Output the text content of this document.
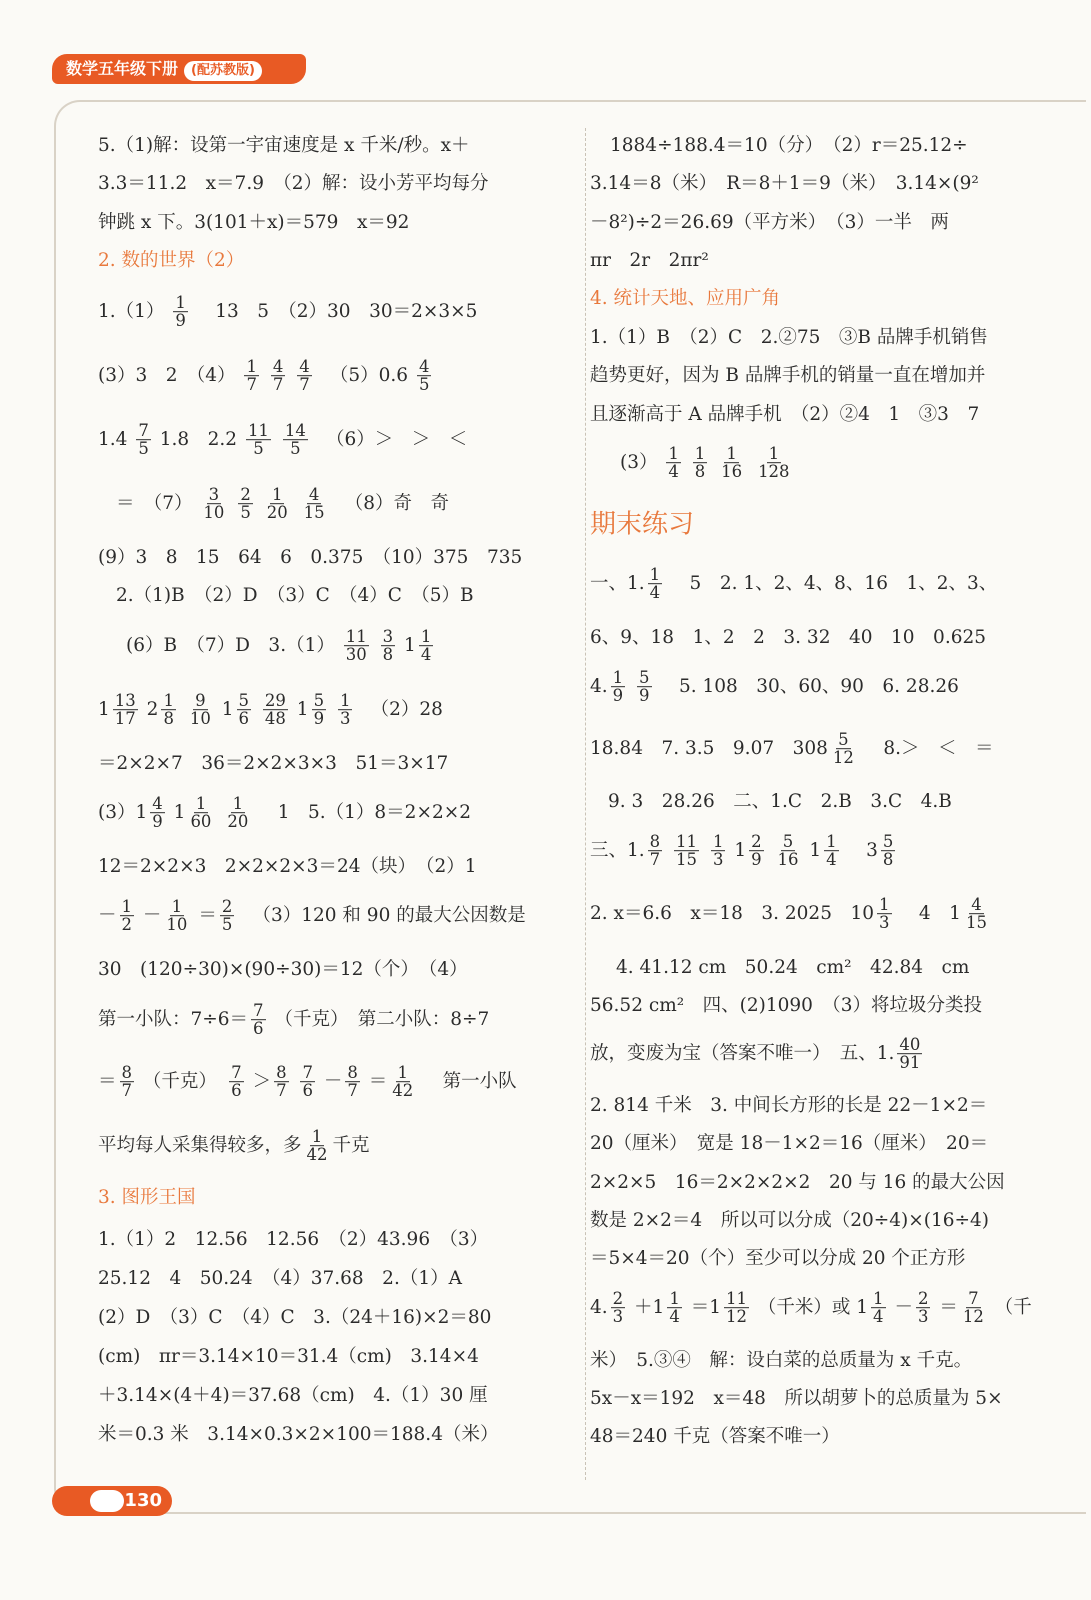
数学五年级下册 (配苏教版)
5.（1)解：设第一宇宙速度是 x 千米/秒。x＋
3.3＝11.2　x＝7.9　（2）解：设小芳平均每分
钟跳 x 下。3(101＋x)＝579　x＝92
2. 数的世界（2）
$1.(1) \frac{1}{9}$ 　13　5　（2）30　30＝2×3×5
(3）3　2　$(4) \frac{1}{7}$
$\frac{4}{7}$
$\frac{4}{7}$ 　$(5)0.6 \frac{4}{5}$
$1.4 \frac{7}{5} 1.8$　$2.2 \frac{11}{5}$
$\frac{14}{5}$ 　（6）＞　＞　＜
＝　$(7) \frac{3}{10}$
$\frac{2}{5}$
$\frac{1}{20}$
$\frac{4}{15}$ 　（8）奇　奇
(9）3　8　15　64　6　0.375　（10）375　735
2.（1)B　（2）D　（3）C　（4）C　（5）B
(6）B　（7）D　$3.(1) \frac{11}{30}$
$\frac{3}{8} 1 \frac{1}{4}$
$1 \frac{13}{17} 2 \frac{1}{8}$
$\frac{9}{10} 1 \frac{5}{6}$
$\frac{29}{48} 1 \frac{5}{9}$
$\frac{1}{3}$ 　（2）28
＝2×2×7　36＝2×2×3×3　51＝3×17
$(3)1 \frac{4}{9} 1 \frac{1}{60}$
$\frac{1}{20}$ 　1　5.（1）8＝2×2×2
12＝2×2×3　2×2×2×3＝24（块）　（2）1
－ $\frac{1}{2} - \frac{1}{10} = \frac{2}{5}$ 　（3）120 和 90 的最大公因数是
30　(120÷30)×(90÷30)＝12（个）　（4）
第一小队：$7\div 6= \frac{7}{6}$ （千克）　第二小队：8÷7
＝ $\frac{8}{7}$ （千克）　 $\frac{7}{6} > \frac{8}{7}$
$\frac{7}{6} - \frac{8}{7} = \frac{1}{42}$ 　第一小队
平均每人采集得较多，多 $\frac{1}{42}$ 千克
3. 图形王国
1.（1）2　12.56　12.56　（2）43.96　（3）
25.12　4　50.24　（4）37.68　2.（1）A
(2）D　（3）C　（4）C　3.（24＋16)×2＝80
(cm)　πr＝3.14×10＝31.4（cm)　3.14×4
＋3.14×(4＋4)＝37.68（cm)　4.（1）30 厘
米＝0.3 米　3.14×0.3×2×100＝188.4（米）
1884÷188.4＝10（分）　（2）r＝25.12÷
3.14＝8（米）　R＝8＋1＝9（米）　3.14×(9²
－8²)÷2＝26.69（平方米）　（3）一半　两
πr　2r　2πr²
4. 统计天地、应用广角
1.（1）B　（2）C　2.②75　③B 品牌手机销售
趋势更好，因为 B 品牌手机的销量一直在增加并
且逐渐高于 A 品牌手机　（2）②4　1　③3　7
$(3) \frac{1}{4}$
$\frac{1}{8}$
$\frac{1}{16}$
$\frac{1}{128}$
期末练习
一、1. $\frac{1}{4}$ 　5　2. 1、2、4、8、16　1、2、3、
6、9、18　1、2　2　3. 32　40　10　0.625
4. $\frac{1}{9}$
$\frac{5}{9}$ 　5. 108　30、60、90　6. 28.26
18.84　7. 3.5　9.07　$308 \frac{5}{12}$ 　8.＞　＜　＝
9. 3　28.26　二、1.C　2.B　3.C　4.B
三、1. $\frac{8}{7}$
$\frac{11}{15}$
$\frac{1}{3} 1 \frac{2}{9}$
$\frac{5}{16} 1 \frac{1}{4}$ 　$3 \frac{5}{8}$
2. x＝6.6　x＝18　3. 2025　$10 \frac{1}{3}$ 　4　$1 \frac{4}{15}$
4. 41.12 cm　50.24　cm²　42.84　cm
56.52 cm²　四、(2)1090　（3）将垃圾分类投
放，变废为宝（答案不唯一）　五、1. $\frac{40}{91}$
2. 814 千米　3. 中间长方形的长是 22－1×2＝
20（厘米）　宽是 18－1×2＝16（厘米）　20＝
2×2×5　16＝2×2×2×2　20 与 16 的最大公因
数是 2×2＝4　所以可以分成（20÷4)×(16÷4)
＝5×4＝20（个）至少可以分成 20 个正方形
4. $\frac{2}{3} +1 \frac{1}{4} =1 \frac{11}{12}$ （千米）或 $1 \frac{1}{4} - \frac{2}{3} = \frac{7}{12}$ （千
米）　5.③④　解：设白菜的总质量为 x 千克。
5x－x＝192　x＝48　所以胡萝卜的总质量为 5×
48＝240 千克（答案不唯一）
130
